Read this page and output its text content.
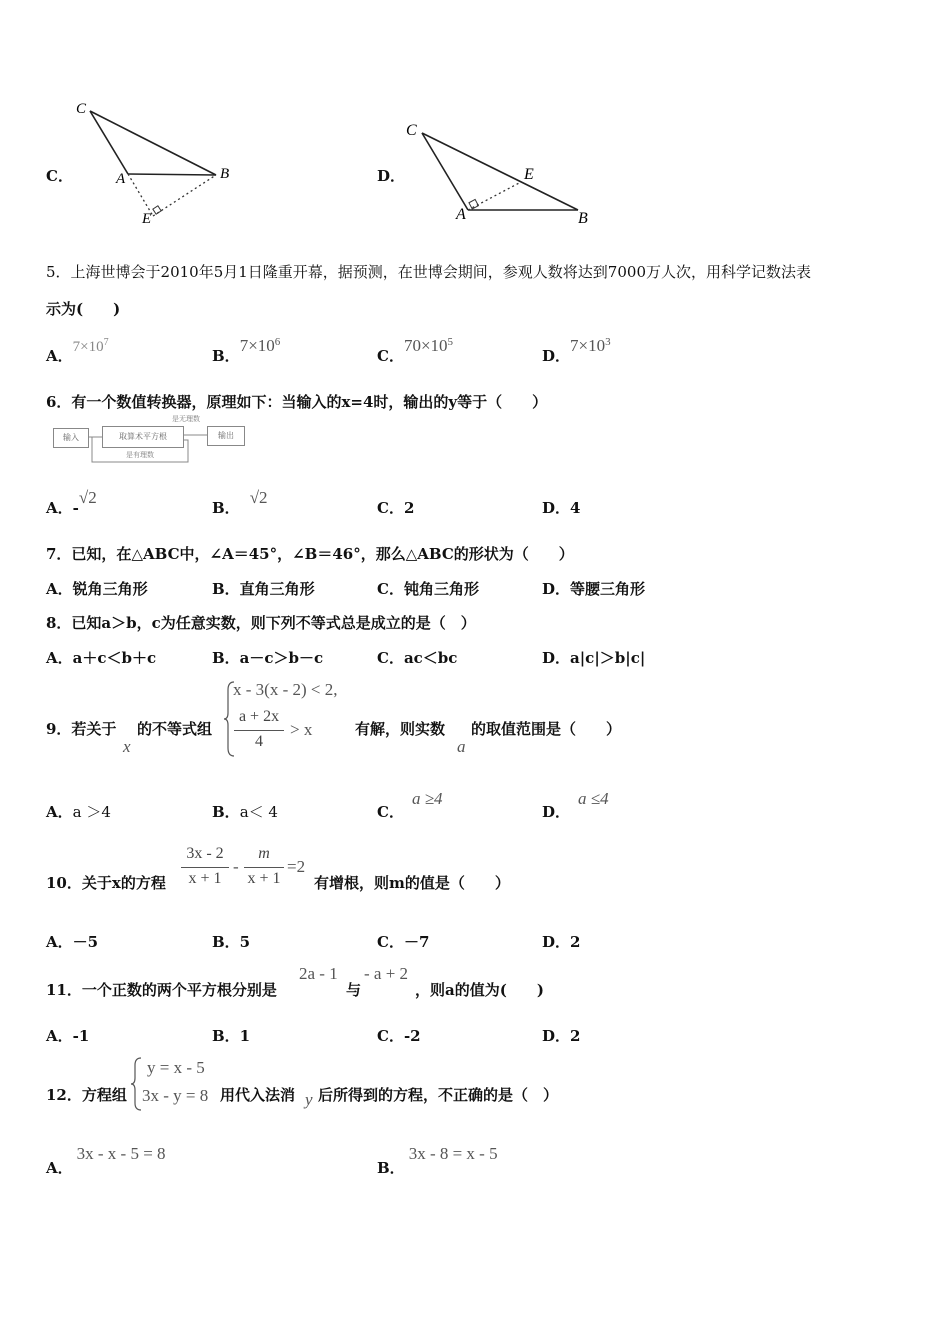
C．
C
A	B
E
D．
C
A	B
E
5．上海世博会于2010年5月1日隆重开幕，据预测，在世博会期间，参观人数将达到7000万人次，用科学记数法表
示为(　　)
A．$7\times 10^7$
B．$7\times 10^6$
C．$70\times 10^5$
D．$7\times 10^3$
6．有一个数值转换器，原理如下：当输入的x=4时，输出的y等于（　　）
输入	取算术平方根	输出
是无理数
是有理数
A．-√2
B．√2
C．2	D．4
7．已知，在△ABC中，∠A＝45°，∠B＝46°，那么△ABC的形状为（　　）
A．锐角三角形	B．直角三角形	C．钝角三角形	D．等腰三角形
8．已知a＞b，c为任意实数，则下列不等式总是成立的是（　）
A．a＋c＜b＋c	B．a－c＞b－c	C．ac＜bc	D．a|c|＞b|c|
9．若关于
x
的不等式组
x - 3(x - 2) < 2,
a + 2x
4
> x	有解，则实数
a
的取值范围是（　　）
A．a ＞4	B．a＜ 4	C．a ≥4
D．a ≤4
10．关于x的方程
3x - 2
x + 1
-
m
x + 1
=2
有增根，则m的值是（　　）
A．－5	B．5	C．－7	D．2
11．一个正数的两个平方根分别是
2a - 1
与
- a + 2
，则a的值为(　　)
A．-1	B．1	C．-2	D．2
12．方程组
y = x - 5
3x - y = 8 用代入法消 y 后所得到的方程，不正确的是（　）
A．3x - x - 5 = 8
B．3x - 8 = x - 5
